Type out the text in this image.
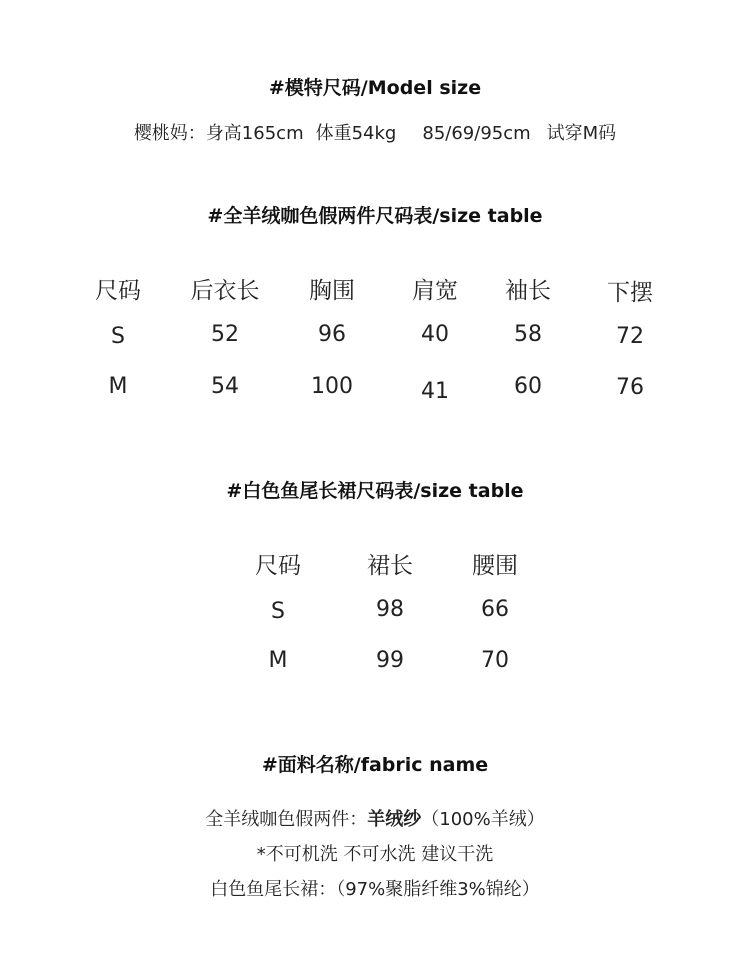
#模特尺码/Model size
樱桃妈：身高165cm 体重54kg 85/69/95cm 试穿M码
#全羊绒咖色假两件尺码表/size table
尺码	后衣长	胸围	肩宽	袖长	下摆
S	52	96	40	58	72
M	54	100	41	60	76
#白色鱼尾长裙尺码表/size table
尺码	裙长	腰围
S	98	66
M	99	70
#面料名称/fabric name
全羊绒咖色假两件：羊绒纱（100%羊绒）
*不可机洗 不可水洗 建议干洗
白色鱼尾长裙：（97%聚脂纤维3%锦纶）
